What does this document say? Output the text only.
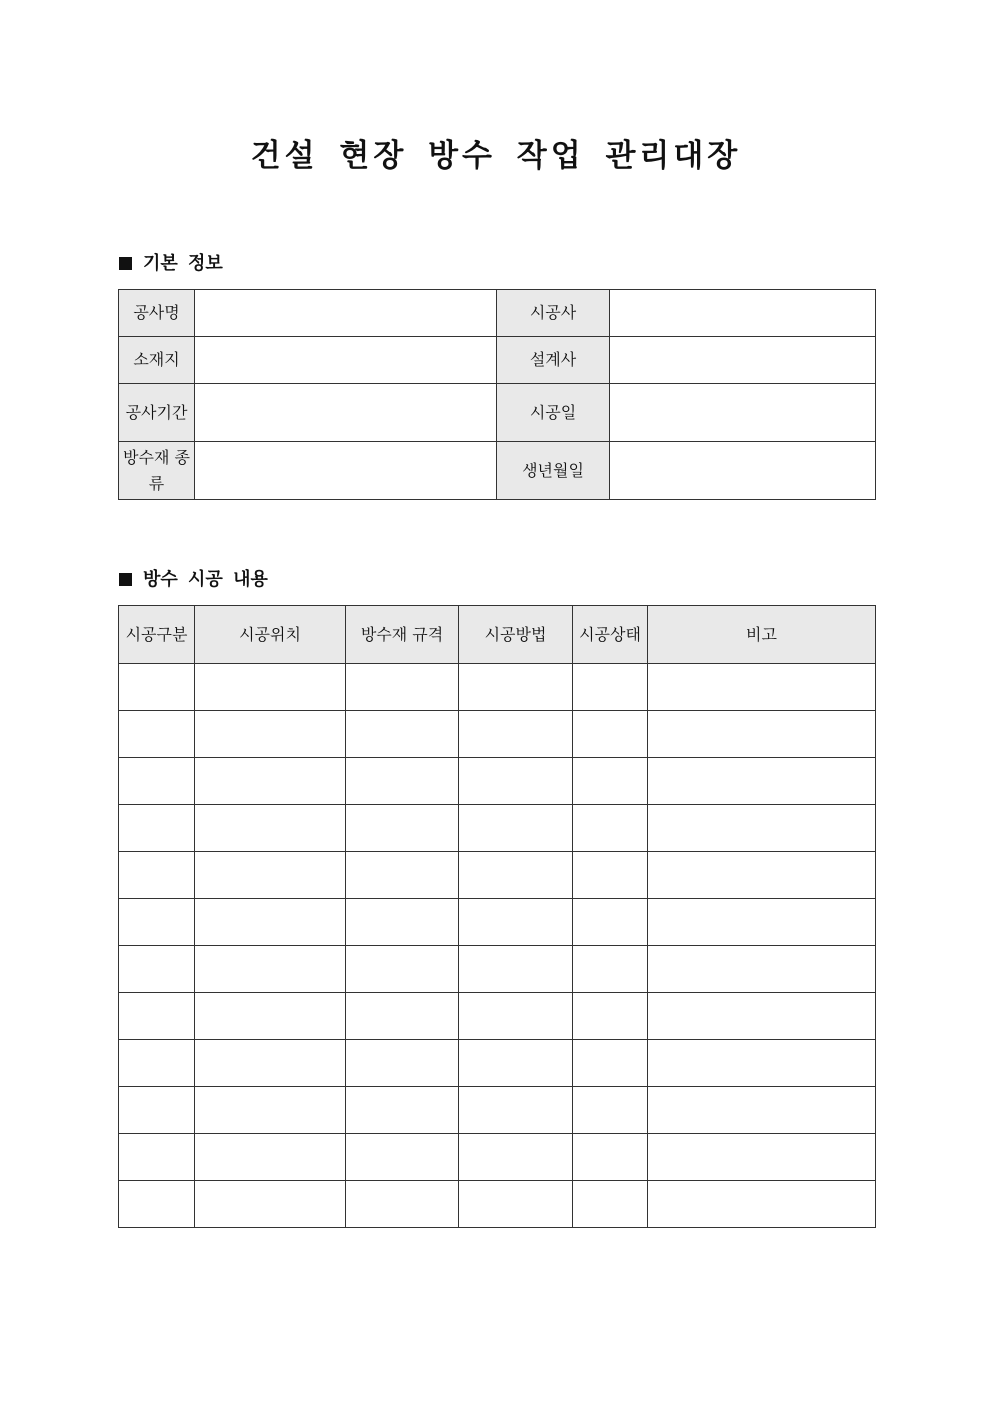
건설 현장 방수 작업 관리대장
기본 정보
공사명		시공사	
소재지		설계사	
공사기간		시공일	
방수재 종류		생년월일	
방수 시공 내용
시공구분	시공위치	방수재 규격	시공방법	시공상태	비고
